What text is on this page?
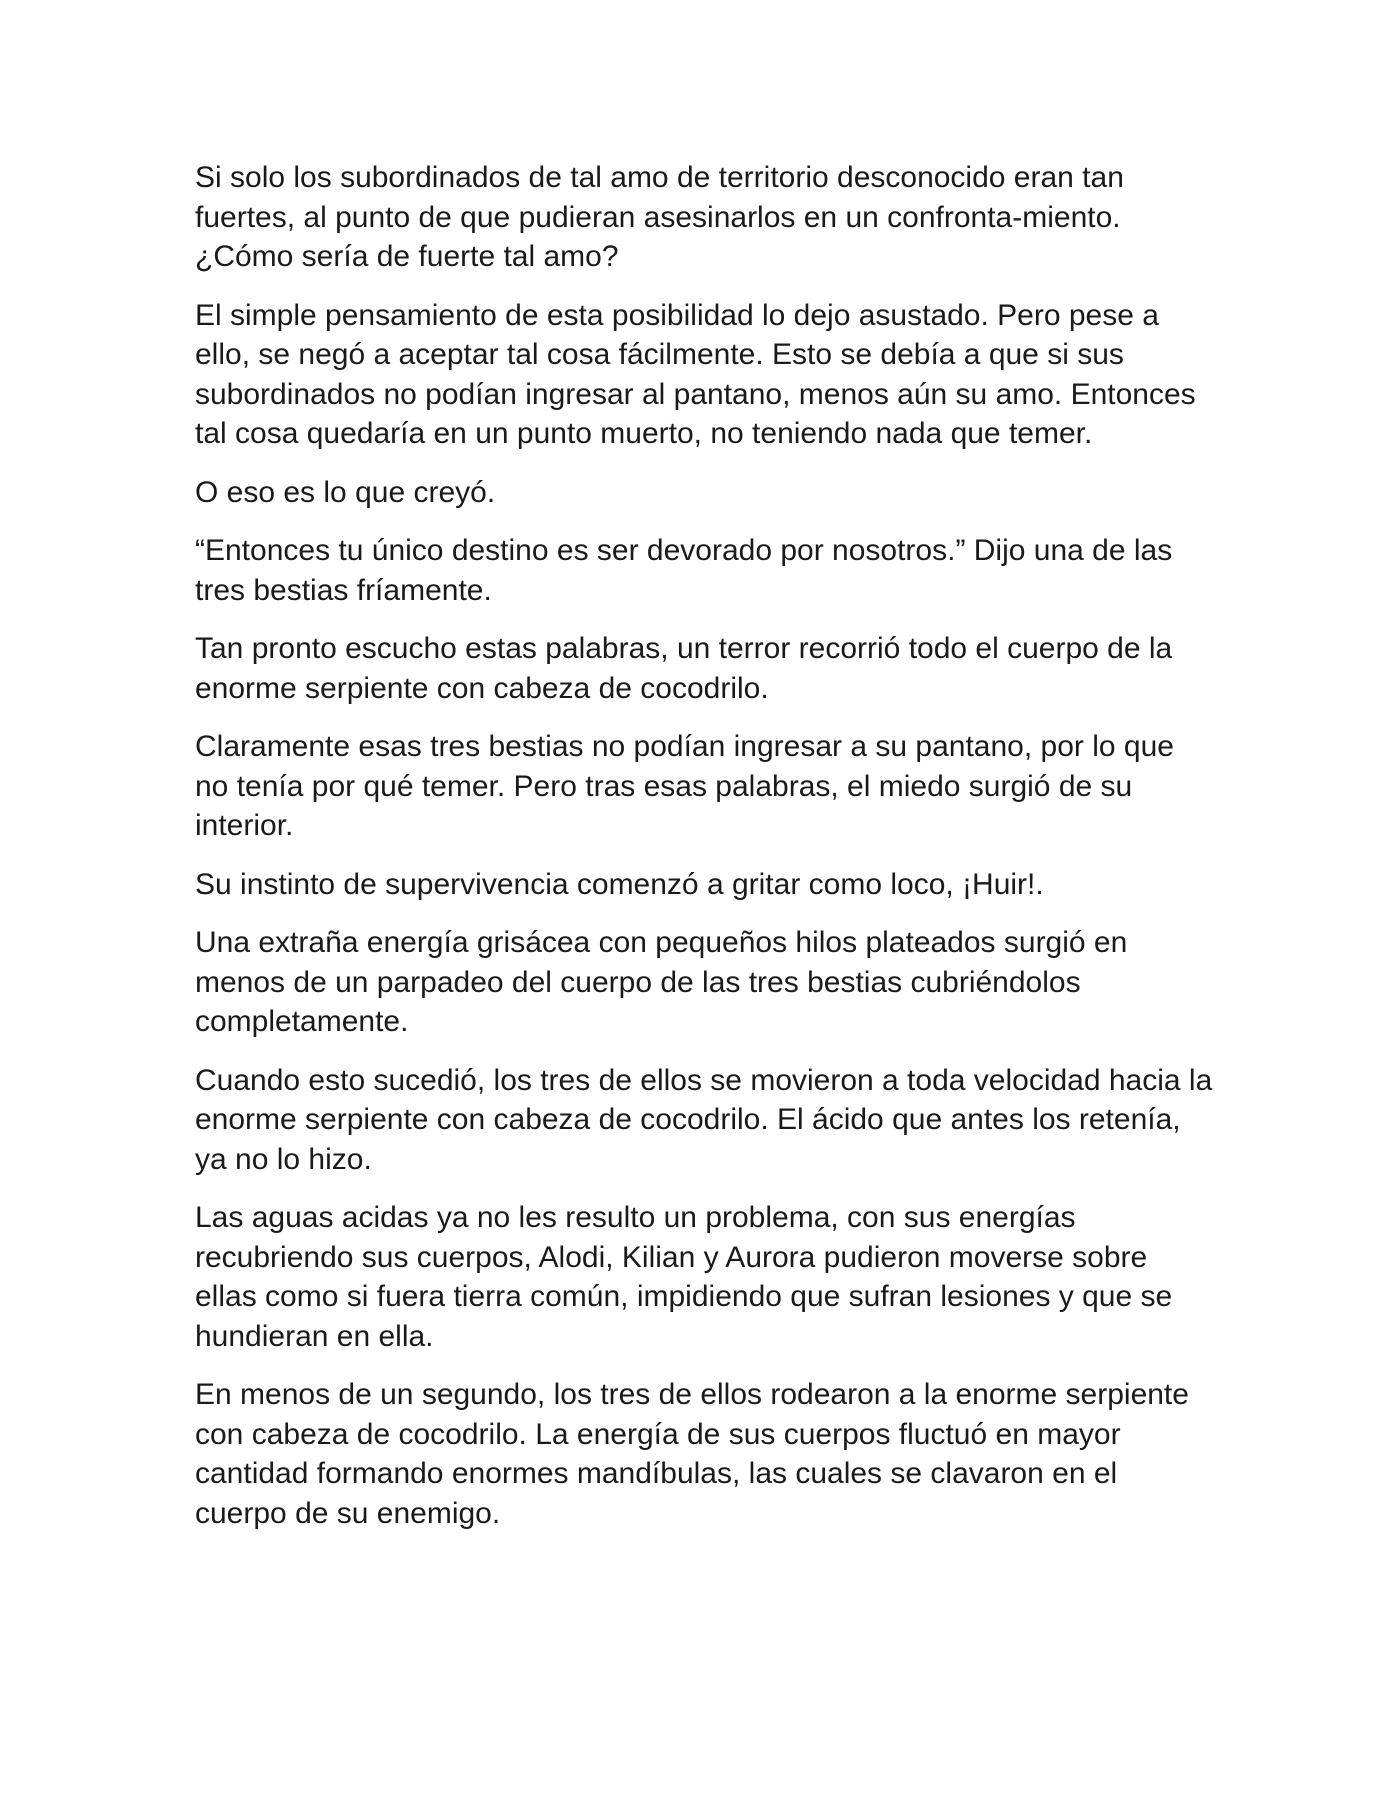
Si solo los subordinados de tal amo de territorio desconocido eran tan fuertes, al punto de que pudieran asesinarlos en un confronta-miento. ¿Cómo sería de fuerte tal amo?

El simple pensamiento de esta posibilidad lo dejo asustado. Pero pese a ello, se negó a aceptar tal cosa fácilmente. Esto se debía a que si sus subordinados no podían ingresar al pantano, menos aún su amo. Entonces tal cosa quedaría en un punto muerto, no teniendo nada que temer.

O eso es lo que creyó.

“Entonces tu único destino es ser devorado por nosotros.” Dijo una de las tres bestias fríamente.

Tan pronto escucho estas palabras, un terror recorrió todo el cuerpo de la enorme serpiente con cabeza de cocodrilo.

Claramente esas tres bestias no podían ingresar a su pantano, por lo que no tenía por qué temer. Pero tras esas palabras, el miedo surgió de su interior.

Su instinto de supervivencia comenzó a gritar como loco, ¡Huir!.

Una extraña energía grisácea con pequeños hilos plateados surgió en menos de un parpadeo del cuerpo de las tres bestias cubriéndolos completamente.

Cuando esto sucedió, los tres de ellos se movieron a toda velocidad hacia la enorme serpiente con cabeza de cocodrilo. El ácido que antes los retenía, ya no lo hizo.

Las aguas acidas ya no les resulto un problema, con sus energías recubriendo sus cuerpos, Alodi, Kilian y Aurora pudieron moverse sobre ellas como si fuera tierra común, impidiendo que sufran lesiones y que se hundieran en ella.

En menos de un segundo, los tres de ellos rodearon a la enorme serpiente con cabeza de cocodrilo. La energía de sus cuerpos fluctuó en mayor cantidad formando enormes mandíbulas, las cuales se clavaron en el cuerpo de su enemigo.
